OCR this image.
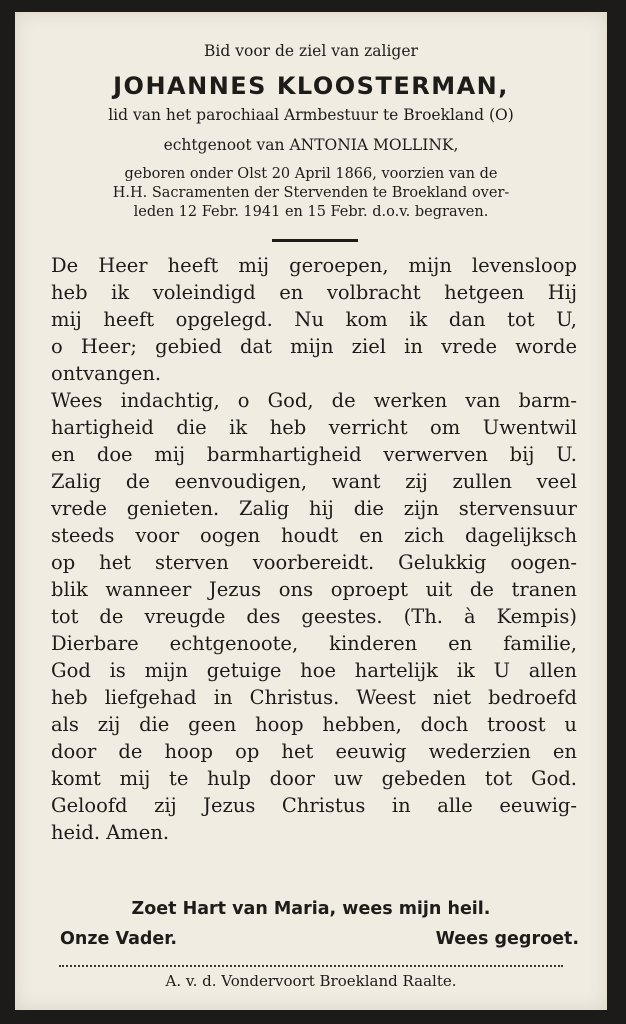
Bid voor de ziel van zaliger
JOHANNES KLOOSTERMAN,
lid van het parochiaal Armbestuur te Broekland (O)
echtgenoot van ANTONIA MOLLINK,
geboren onder Olst 20 April 1866, voorzien van de
H.H. Sacramenten der Stervenden te Broekland over-
leden 12 Febr. 1941 en 15 Febr. d.o.v. begraven.
De Heer heeft mij geroepen, mijn levensloop
heb ik voleindigd en volbracht hetgeen Hij
mij heeft opgelegd. Nu kom ik dan tot U,
o Heer; gebied dat mijn ziel in vrede worde
ontvangen.
Wees indachtig, o God, de werken van barm-
hartigheid die ik heb verricht om Uwentwil
en doe mij barmhartigheid verwerven bij U.
Zalig de eenvoudigen, want zij zullen veel
vrede genieten. Zalig hij die zijn stervensuur
steeds voor oogen houdt en zich dagelijksch
op het sterven voorbereidt. Gelukkig oogen-
blik wanneer Jezus ons oproept uit de tranen
tot de vreugde des geestes. (Th. à Kempis)
Dierbare echtgenoote, kinderen en familie,
God is mijn getuige hoe hartelijk ik U allen
heb liefgehad in Christus. Weest niet bedroefd
als zij die geen hoop hebben, doch troost u
door de hoop op het eeuwig wederzien en
komt mij te hulp door uw gebeden tot God.
Geloofd zij Jezus Christus in alle eeuwig-
heid. Amen.
Zoet Hart van Maria, wees mijn heil.
Onze Vader.	Wees gegroet.
A. v. d. Vondervoort Broekland Raalte.
